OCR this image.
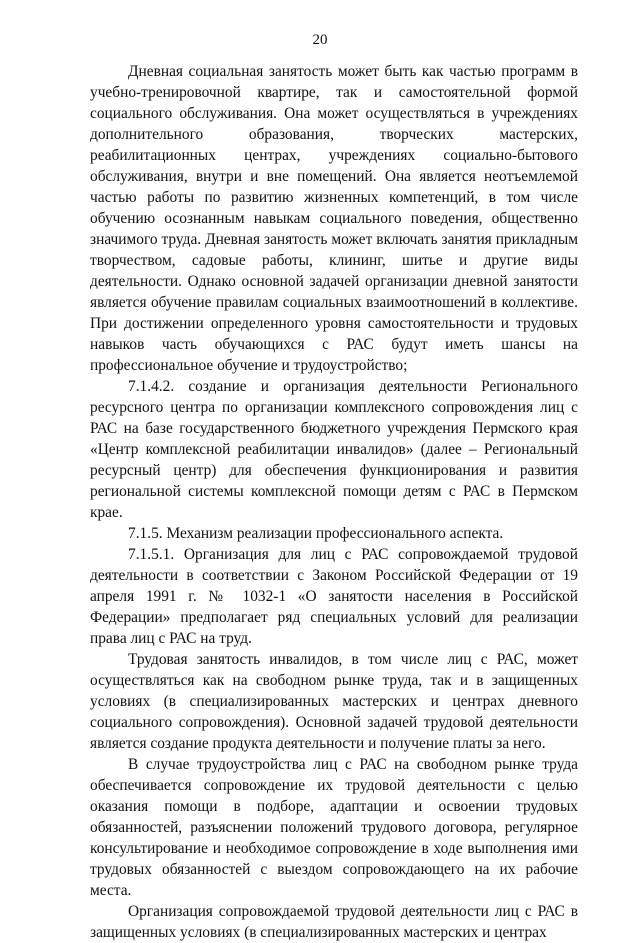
20

Дневная социальная занятость может быть как частью программ в учебно-тренировочной квартире, так и самостоятельной формой социального обслуживания. Она может осуществляться в учреждениях дополнительного образования, творческих мастерских, реабилитационных центрах, учреждениях социально-бытового обслуживания, внутри и вне помещений. Она является неотъемлемой частью работы по развитию жизненных компетенций, в том числе обучению осознанным навыкам социального поведения, общественно значимого труда. Дневная занятость может включать занятия прикладным творчеством, садовые работы, клининг, шитье и другие виды деятельности. Однако основной задачей организации дневной занятости является обучение правилам социальных взаимоотношений в коллективе. При достижении определенного уровня самостоятельности и трудовых навыков часть обучающихся с РАС будут иметь шансы на профессиональное обучение и трудоустройство;

7.1.4.2. создание и организация деятельности Регионального ресурсного центра по организации комплексного сопровождения лиц с РАС на базе государственного бюджетного учреждения Пермского края «Центр комплексной реабилитации инвалидов» (далее – Региональный ресурсный центр) для обеспечения функционирования и развития региональной системы комплексной помощи детям с РАС в Пермском крае.

7.1.5. Механизм реализации профессионального аспекта.

7.1.5.1. Организация для лиц с РАС сопровождаемой трудовой деятельности в соответствии с Законом Российской Федерации от 19 апреля 1991 г. № 1032-1 «О занятости населения в Российской Федерации» предполагает ряд специальных условий для реализации права лиц с РАС на труд.

Трудовая занятость инвалидов, в том числе лиц с РАС, может осуществляться как на свободном рынке труда, так и в защищенных условиях (в специализированных мастерских и центрах дневного социального сопровождения). Основной задачей трудовой деятельности является создание продукта деятельности и получение платы за него.

В случае трудоустройства лиц с РАС на свободном рынке труда обеспечивается сопровождение их трудовой деятельности с целью оказания помощи в подборе, адаптации и освоении трудовых обязанностей, разъяснении положений трудового договора, регулярное консультирование и необходимое сопровождение в ходе выполнения ими трудовых обязанностей с выездом сопровождающего на их рабочие места.

Организация сопровождаемой трудовой деятельности лиц с РАС в защищенных условиях (в специализированных мастерских и центрах
